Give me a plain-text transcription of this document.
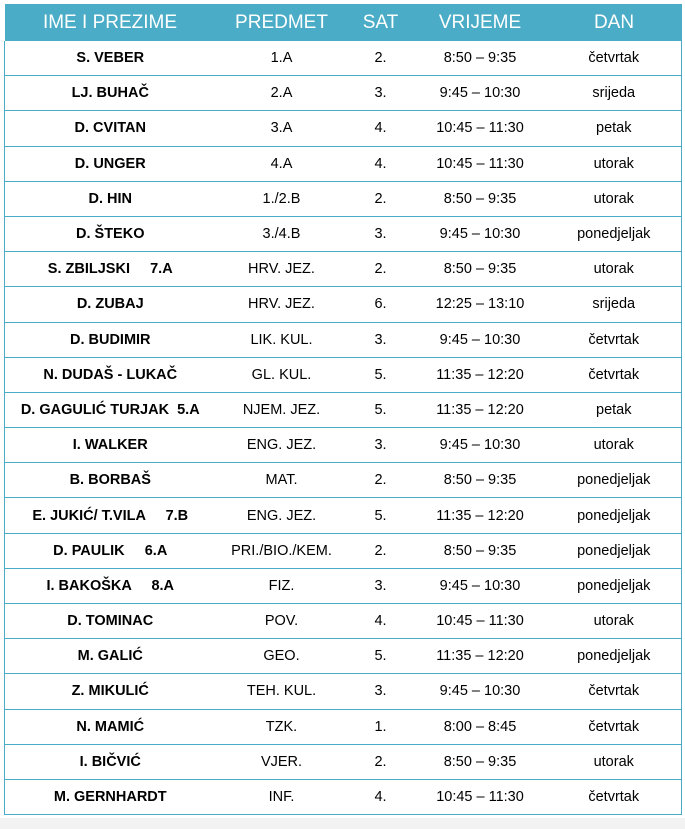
IME I PREZIME	PREDMET	SAT	VRIJEME	DAN
S. VEBER	1.A	2.	8:50 – 9:35	četvrtak
LJ. BUHAČ	2.A	3.	9:45 – 10:30	srijeda
D. CVITAN	3.A	4.	10:45 – 11:30	petak
D. UNGER	4.A	4.	10:45 – 11:30	utorak
D. HIN	1./2.B	2.	8:50 – 9:35	utorak
D. ŠTEKO	3./4.B	3.	9:45 – 10:30	ponedjeljak
S. ZBILJSKI     7.A	HRV. JEZ.	2.	8:50 – 9:35	utorak
D. ZUBAJ	HRV. JEZ.	6.	12:25 – 13:10	srijeda
D. BUDIMIR	LIK. KUL.	3.	9:45 – 10:30	četvrtak
N. DUDAŠ - LUKAČ	GL. KUL.	5.	11:35 – 12:20	četvrtak
D. GAGULIĆ TURJAK  5.A	NJEM. JEZ.	5.	11:35 – 12:20	petak
I. WALKER	ENG. JEZ.	3.	9:45 – 10:30	utorak
B. BORBAŠ	MAT.	2.	8:50 – 9:35	ponedjeljak
E. JUKIĆ/ T.VILA     7.B	ENG. JEZ.	5.	11:35 – 12:20	ponedjeljak
D. PAULIK     6.A	PRI./BIO./KEM.	2.	8:50 – 9:35	ponedjeljak
I. BAKOŠKA     8.A	FIZ.	3.	9:45 – 10:30	ponedjeljak
D. TOMINAC	POV.	4.	10:45 – 11:30	utorak
M. GALIĆ	GEO.	5.	11:35 – 12:20	ponedjeljak
Z. MIKULIĆ	TEH. KUL.	3.	9:45 – 10:30	četvrtak
N. MAMIĆ	TZK.	1.	8:00 – 8:45	četvrtak
I. BIČVIĆ	VJER.	2.	8:50 – 9:35	utorak
M. GERNHARDT	INF.	4.	10:45 – 11:30	četvrtak
